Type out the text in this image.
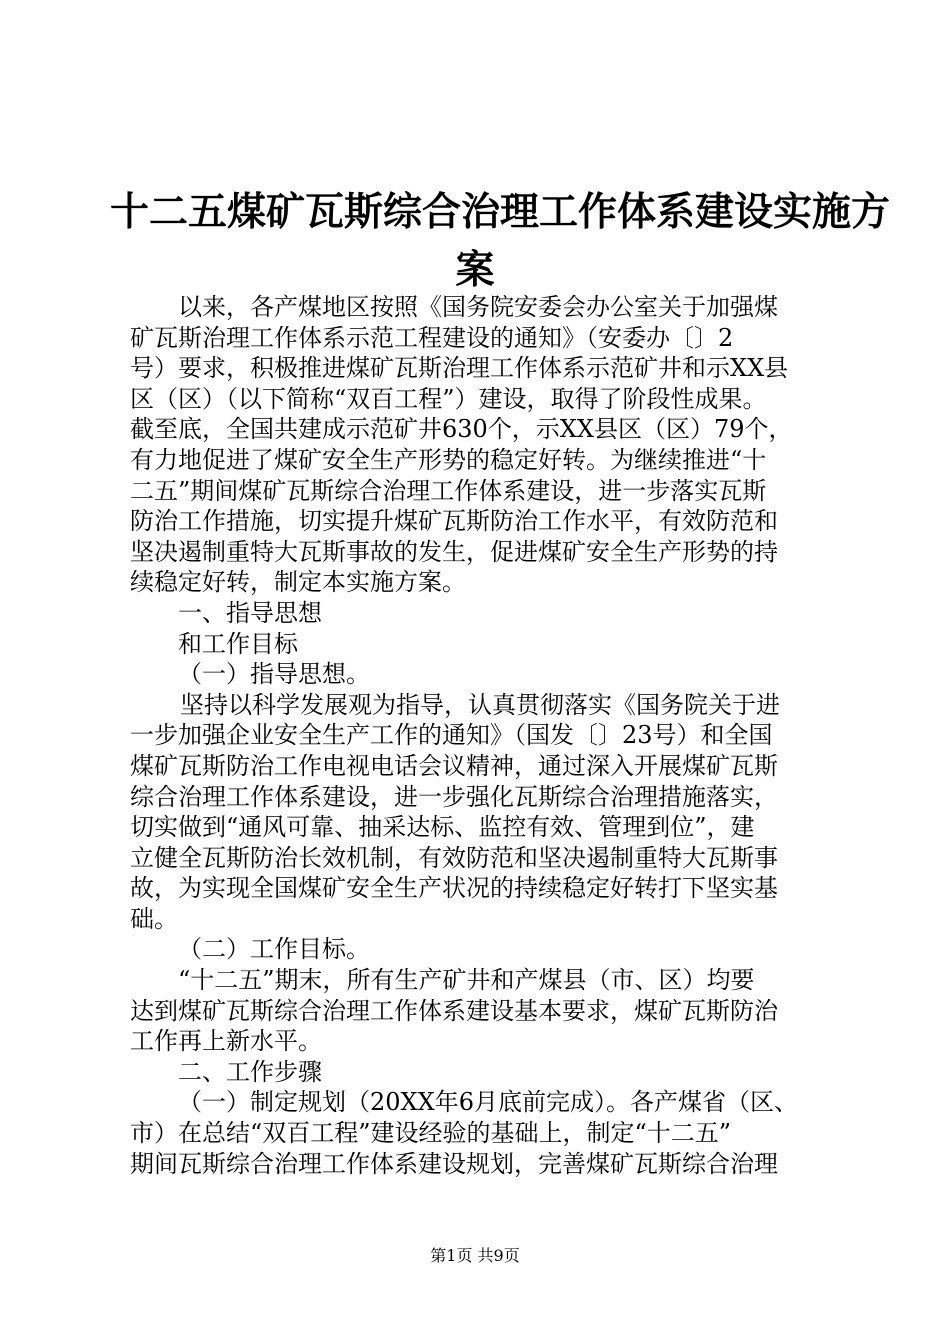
十二五煤矿瓦斯综合治理工作体系建设实施方
案
以来，各产煤地区按照《国务院安委会办公室关于加强煤
矿瓦斯治理工作体系示范工程建设的通知》（安委办〔〕2
号）要求，积极推进煤矿瓦斯治理工作体系示范矿井和示XX县
区（区）（以下简称“双百工程”）建设，取得了阶段性成果。
截至底，全国共建成示范矿井630个，示XX县区（区）79个，
有力地促进了煤矿安全生产形势的稳定好转。为继续推进“十
二五”期间煤矿瓦斯综合治理工作体系建设，进一步落实瓦斯
防治工作措施，切实提升煤矿瓦斯防治工作水平，有效防范和
坚决遏制重特大瓦斯事故的发生，促进煤矿安全生产形势的持
续稳定好转，制定本实施方案。
一、指导思想
和工作目标
（一）指导思想。
坚持以科学发展观为指导，认真贯彻落实《国务院关于进
一步加强企业安全生产工作的通知》（国发〔〕23号）和全国
煤矿瓦斯防治工作电视电话会议精神，通过深入开展煤矿瓦斯
综合治理工作体系建设，进一步强化瓦斯综合治理措施落实，
切实做到“通风可靠、抽采达标、监控有效、管理到位”，建
立健全瓦斯防治长效机制，有效防范和坚决遏制重特大瓦斯事
故，为实现全国煤矿安全生产状况的持续稳定好转打下坚实基
础。
（二）工作目标。
“十二五”期末，所有生产矿井和产煤县（市、区）均要
达到煤矿瓦斯综合治理工作体系建设基本要求，煤矿瓦斯防治
工作再上新水平。
二、工作步骤
（一）制定规划（20XX年6月底前完成）。各产煤省（区、
市）在总结“双百工程”建设经验的基础上，制定“十二五”
期间瓦斯综合治理工作体系建设规划，完善煤矿瓦斯综合治理
第1页 共9页
